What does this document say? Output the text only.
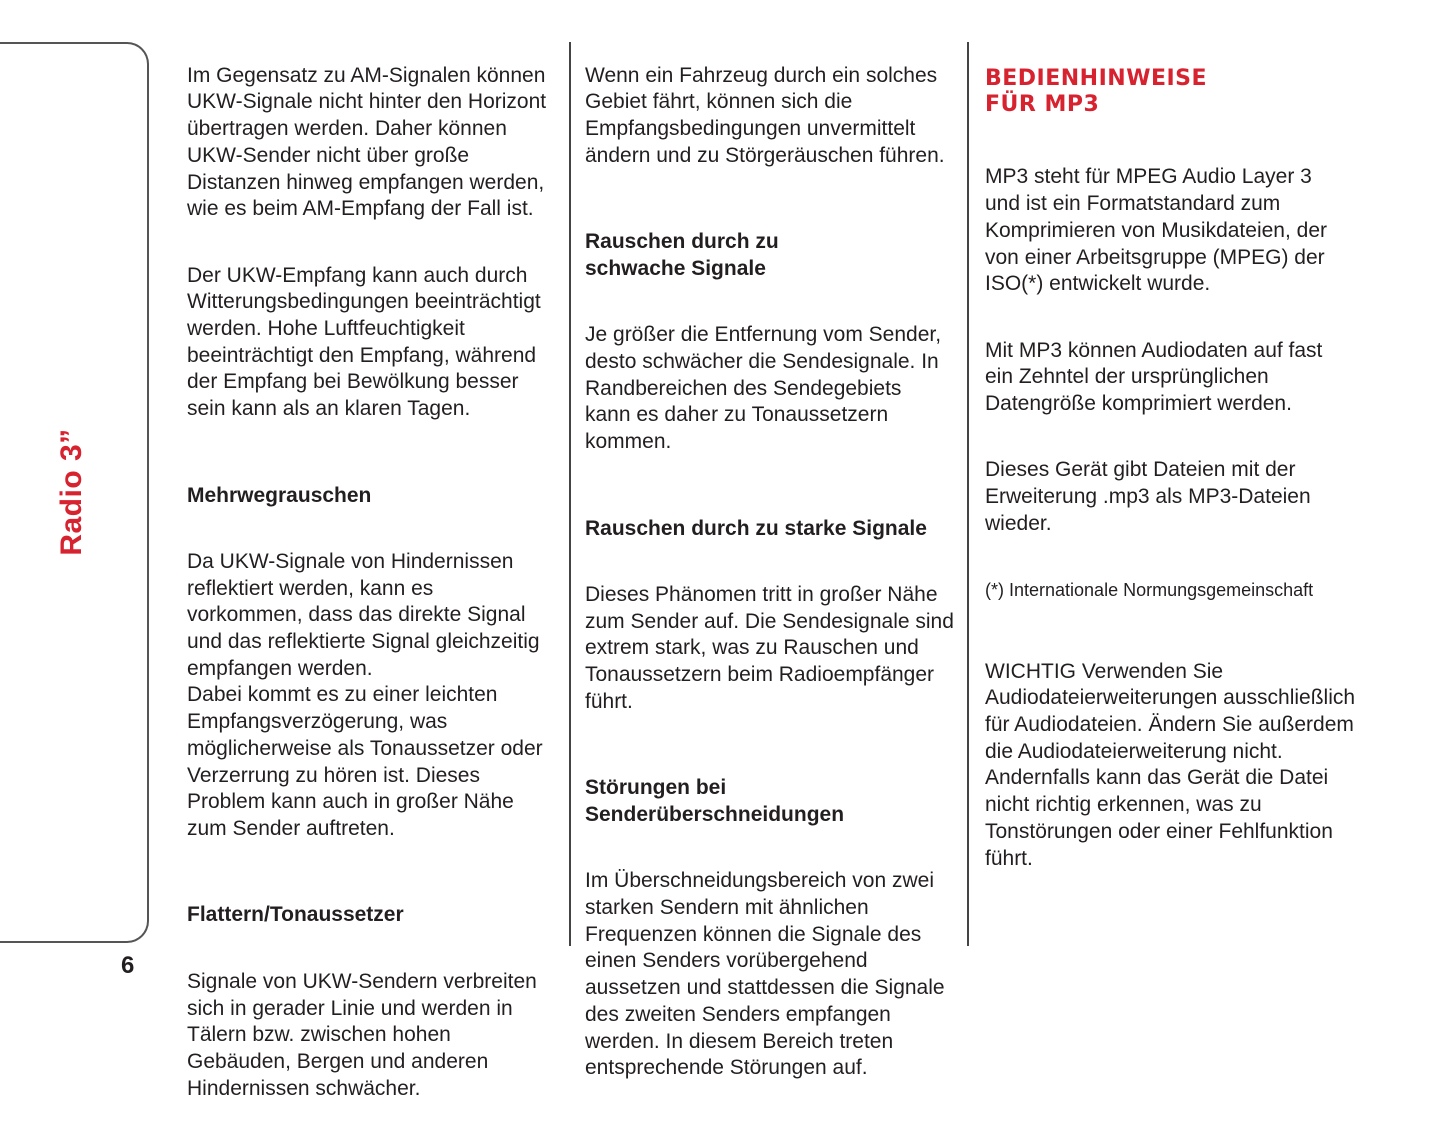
Radio 3”
6

Im Gegensatz zu AM-Signalen können
UKW-Signale nicht hinter den Horizont
übertragen werden. Daher können
UKW-Sender nicht über große
Distanzen hinweg empfangen werden,
wie es beim AM-Empfang der Fall ist.

Der UKW-Empfang kann auch durch
Witterungsbedingungen beeinträchtigt
werden. Hohe Luftfeuchtigkeit
beeinträchtigt den Empfang, während
der Empfang bei Bewölkung besser
sein kann als an klaren Tagen.

Mehrwegrauschen

Da UKW-Signale von Hindernissen
reflektiert werden, kann es
vorkommen, dass das direkte Signal
und das reflektierte Signal gleichzeitig
empfangen werden.
Dabei kommt es zu einer leichten
Empfangsverzögerung, was
möglicherweise als Tonaussetzer oder
Verzerrung zu hören ist. Dieses
Problem kann auch in großer Nähe
zum Sender auftreten.

Flattern/Tonaussetzer

Signale von UKW-Sendern verbreiten
sich in gerader Linie und werden in
Tälern bzw. zwischen hohen
Gebäuden, Bergen und anderen
Hindernissen schwächer.

Wenn ein Fahrzeug durch ein solches
Gebiet fährt, können sich die
Empfangsbedingungen unvermittelt
ändern und zu Störgeräuschen führen.

Rauschen durch zu
schwache Signale

Je größer die Entfernung vom Sender,
desto schwächer die Sendesignale. In
Randbereichen des Sendegebiets
kann es daher zu Tonaussetzern
kommen.

Rauschen durch zu starke Signale

Dieses Phänomen tritt in großer Nähe
zum Sender auf. Die Sendesignale sind
extrem stark, was zu Rauschen und
Tonaussetzern beim Radioempfänger
führt.

Störungen bei
Senderüberschneidungen

Im Überschneidungsbereich von zwei
starken Sendern mit ähnlichen
Frequenzen können die Signale des
einen Senders vorübergehend
aussetzen und stattdessen die Signale
des zweiten Senders empfangen
werden. In diesem Bereich treten
entsprechende Störungen auf.

BEDIENHINWEISE
FÜR MP3

MP3 steht für MPEG Audio Layer 3
und ist ein Formatstandard zum
Komprimieren von Musikdateien, der
von einer Arbeitsgruppe (MPEG) der
ISO(*) entwickelt wurde.

Mit MP3 können Audiodaten auf fast
ein Zehntel der ursprünglichen
Datengröße komprimiert werden.

Dieses Gerät gibt Dateien mit der
Erweiterung .mp3 als MP3-Dateien
wieder.

(*) Internationale Normungsgemeinschaft

WICHTIG Verwenden Sie
Audiodateierweiterungen ausschließlich
für Audiodateien. Ändern Sie außerdem
die Audiodateierweiterung nicht.
Andernfalls kann das Gerät die Datei
nicht richtig erkennen, was zu
Tonstörungen oder einer Fehlfunktion
führt.
